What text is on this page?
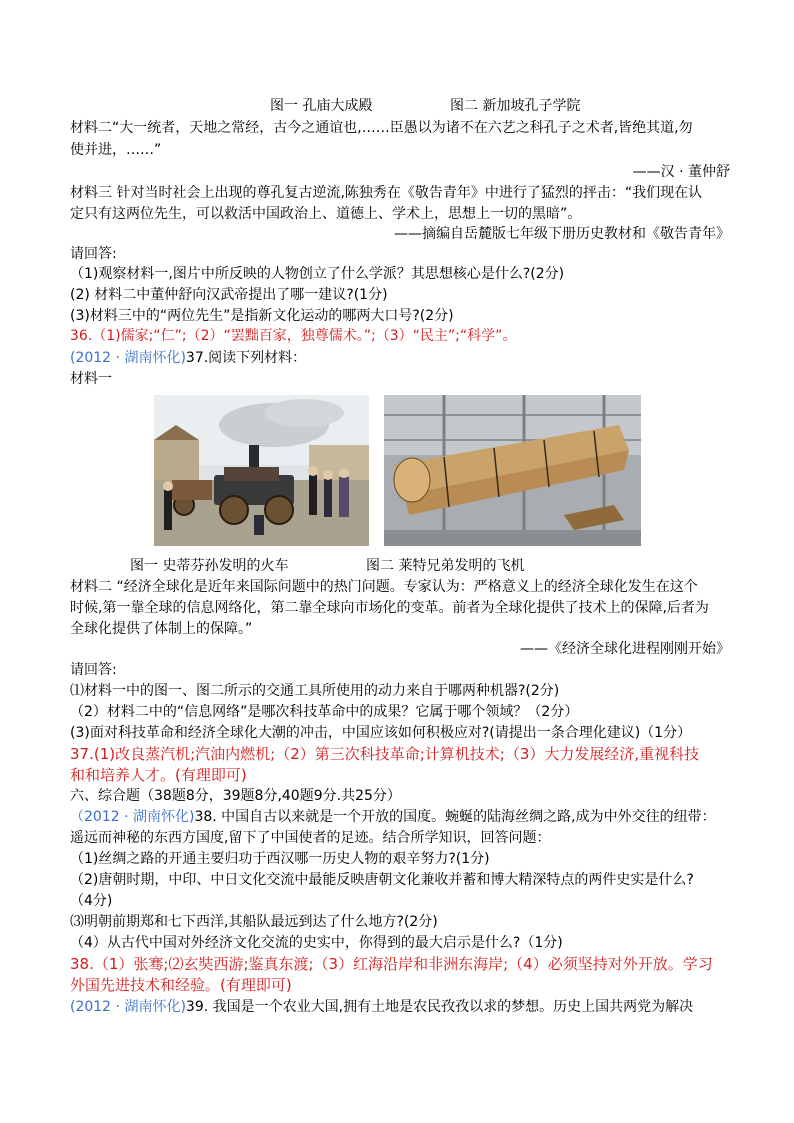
图一 孔庙大成殿	图二 新加坡孔子学院
材料二“大一统者，天地之常经，古今之通谊也,……臣愚以为诸不在六艺之科孔子之术者,皆绝其道,勿
使并进，……”
——汉 · 董仲舒
材料三 针对当时社会上出现的尊孔复古逆流,陈独秀在《敬告青年》中进行了猛烈的抨击：“我们现在认
定只有这两位先生，可以救活中国政治上、道德上、学术上，思想上一切的黑暗”。
——摘编自岳麓版七年级下册历史教材和《敬告青年》
请回答:
（1)观察材料一,图片中所反映的人物创立了什么学派？其思想核心是什么?(2分)
(2) 材料二中董仲舒向汉武帝提出了哪一建议?(1分)
(3)材料三中的“两位先生”是指新文化运动的哪两大口号?(2分)
36.（1)儒家;“仁”;（2）“罢黜百家，独尊儒术。”;（3）“民主”;“科学”。
(2012 · 湖南怀化)37.阅读下列材料：
材料一
图一 史蒂芬孙发明的火车	图二 莱特兄弟发明的飞机
材料二 “经济全球化是近年来国际问题中的热门问题。专家认为：严格意义上的经济全球化发生在这个
时候,第一靠全球的信息网络化，第二靠全球向市场化的变革。前者为全球化提供了技术上的保障,后者为
全球化提供了体制上的保障。”
——《经济全球化进程刚刚开始》
请回答:
⑴材料一中的图一、图二所示的交通工具所使用的动力来自于哪两种机器?(2分)
（2）材料二中的“信息网络”是哪次科技革命中的成果？它属于哪个领域？（2分）
(3)面对科技革命和经济全球化大潮的冲击，中国应该如何积极应对?(请提出一条合理化建议)（1分）
37.(1)改良蒸汽机;汽油内燃机;（2）第三次科技革命;计算机技术;（3）大力发展经济,重视科技
和和培养人才。(有理即可)
六、综合题（38题8分，39题8分,40题9分.共25分）
（2012 · 湖南怀化)38. 中国自古以来就是一个开放的国度。蜿蜒的陆海丝绸之路,成为中外交往的纽带：
遥远而神秘的东西方国度,留下了中国使者的足迹。结合所学知识，回答问题：
（1)丝绸之路的开通主要归功于西汉哪一历史人物的艰辛努力?(1分)
（2)唐朝时期，中印、中日文化交流中最能反映唐朝文化兼收并蓄和博大精深特点的两件史实是什么?
（4分)
⑶明朝前期郑和七下西洋,其船队最远到达了什么地方?(2分)
（4）从古代中国对外经济文化交流的史实中，你得到的最大启示是什么?（1分)
38.（1）张骞;⑵玄奘西游;鉴真东渡;（3）红海沿岸和非洲东海岸;（4）必须坚持对外开放。学习
外国先进技术和经验。(有理即可)
(2012 · 湖南怀化)39. 我国是一个农业大国,拥有土地是农民孜孜以求的梦想。历史上国共两党为解决
